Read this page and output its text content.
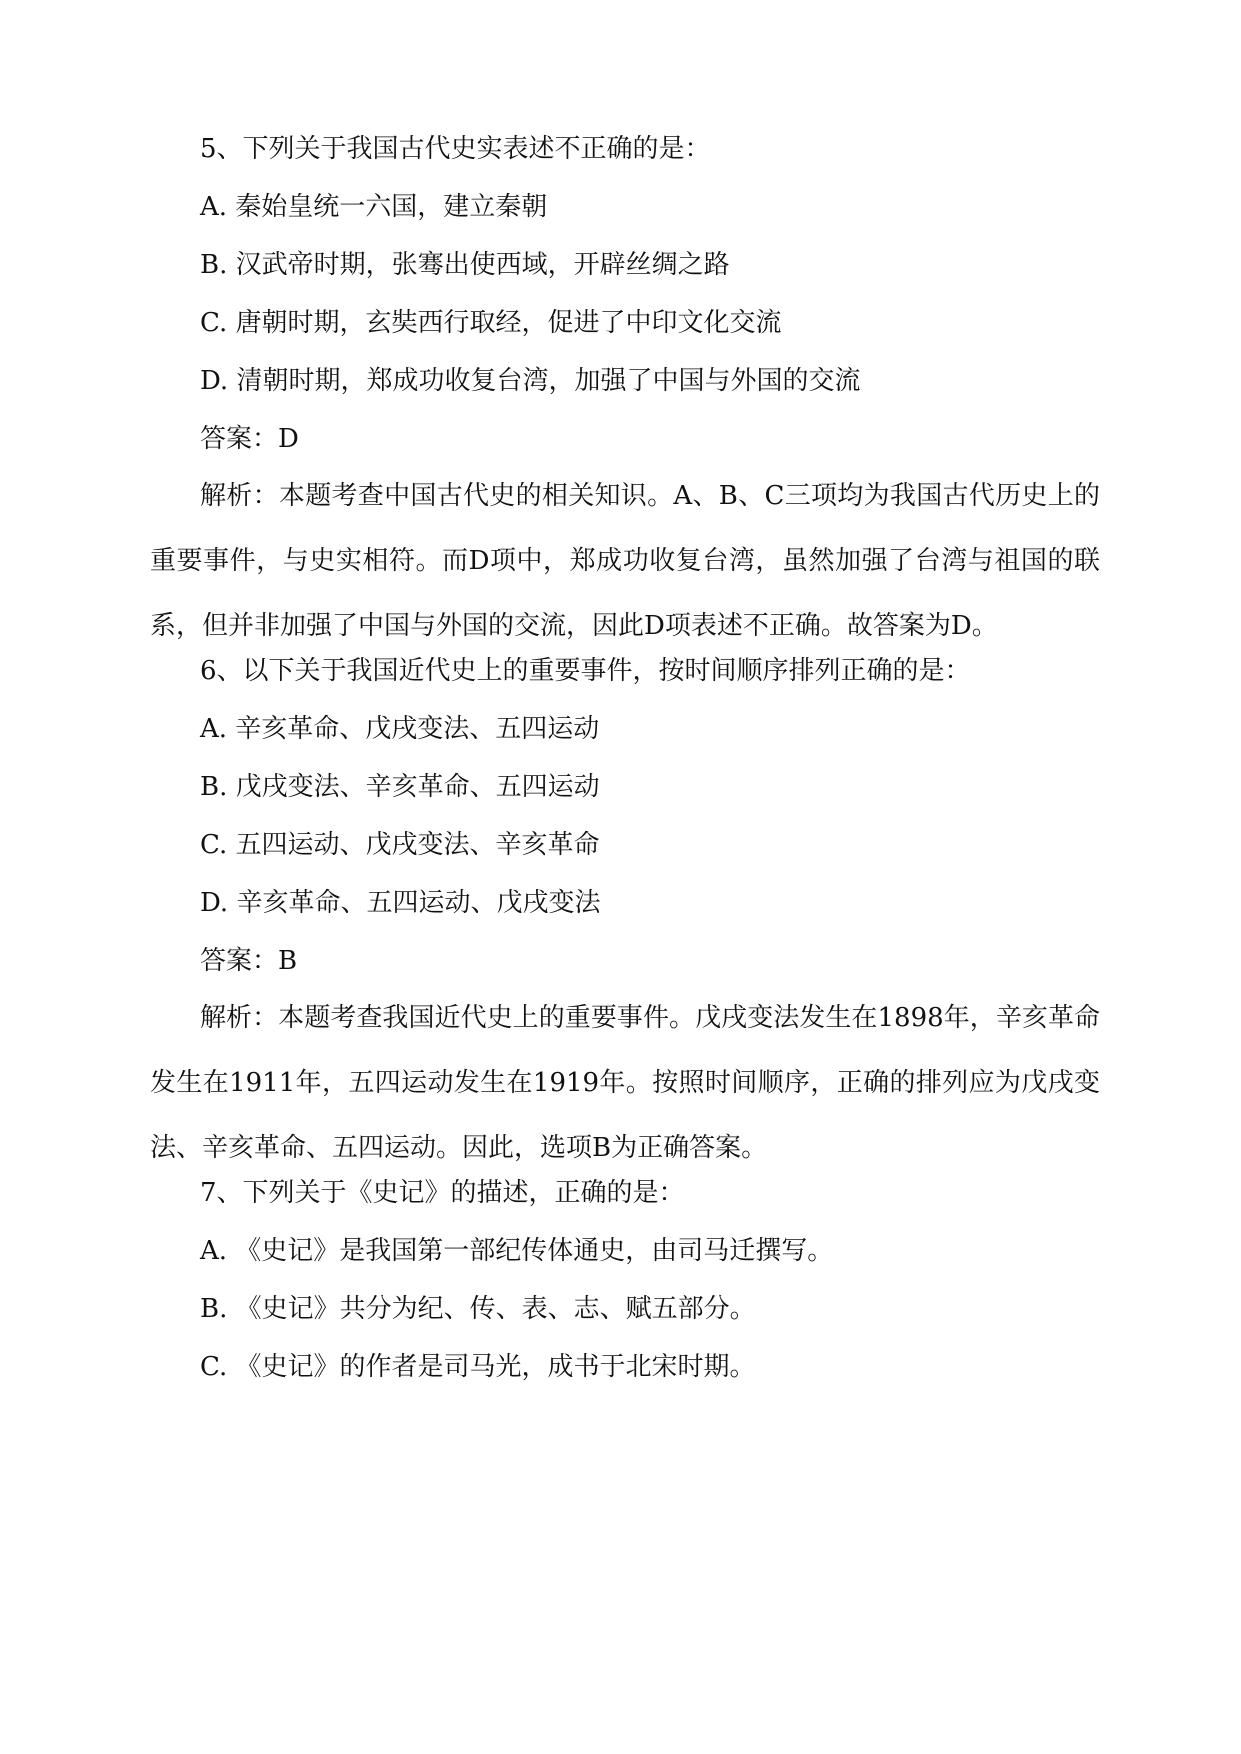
5、下列关于我国古代史实表述不正确的是：
A. 秦始皇统一六国，建立秦朝
B. 汉武帝时期，张骞出使西域，开辟丝绸之路
C. 唐朝时期，玄奘西行取经，促进了中印文化交流
D. 清朝时期，郑成功收复台湾，加强了中国与外国的交流
答案：D
解析：本题考查中国古代史的相关知识。A、B、C三项均为我国古代历史上的重要事件，与史实相符。而D项中，郑成功收复台湾，虽然加强了台湾与祖国的联系，但并非加强了中国与外国的交流，因此D项表述不正确。故答案为D。
6、以下关于我国近代史上的重要事件，按时间顺序排列正确的是：
A. 辛亥革命、戊戌变法、五四运动
B. 戊戌变法、辛亥革命、五四运动
C. 五四运动、戊戌变法、辛亥革命
D. 辛亥革命、五四运动、戊戌变法
答案：B
解析：本题考查我国近代史上的重要事件。戊戌变法发生在1898年，辛亥革命发生在1911年，五四运动发生在1919年。按照时间顺序，正确的排列应为戊戌变法、辛亥革命、五四运动。因此，选项B为正确答案。
7、下列关于《史记》的描述，正确的是：
A. 《史记》是我国第一部纪传体通史，由司马迁撰写。
B. 《史记》共分为纪、传、表、志、赋五部分。
C. 《史记》的作者是司马光，成书于北宋时期。
